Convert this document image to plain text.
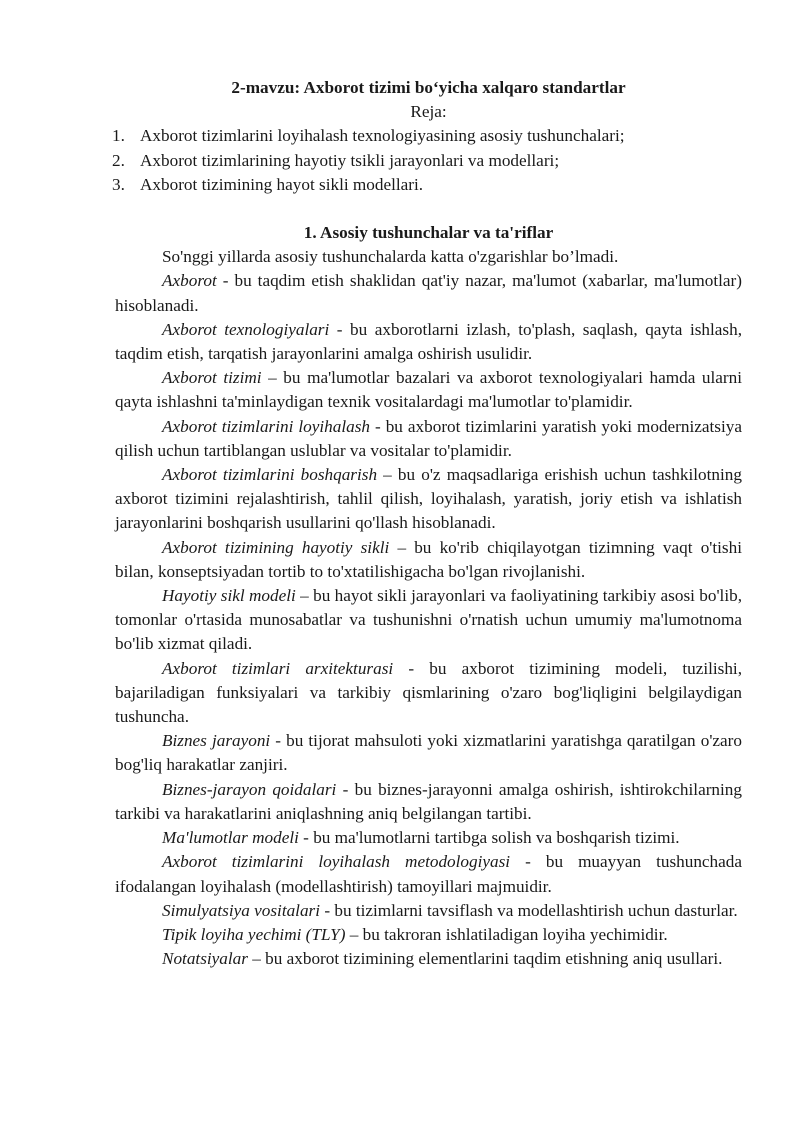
2-mavzu: Axborot tizimi bo‘yicha xalqaro standartlar

Reja:

1. Axborot tizimlarini loyihalash texnologiyasining asosiy tushunchalari;
2. Axborot tizimlarining hayotiy tsikli jarayonlari va modellari;
3. Axborot tizimining hayot sikli modellari.

1. Asosiy tushunchalar va ta'riflar

So'nggi yillarda asosiy tushunchalarda katta o'zgarishlar bo’lmadi.

Axborot - bu taqdim etish shaklidan qat'iy nazar, ma'lumot (xabarlar, ma'lumotlar) hisoblanadi.

Axborot texnologiyalari - bu axborotlarni izlash, to'plash, saqlash, qayta ishlash, taqdim etish, tarqatish jarayonlarini amalga oshirish usulidir.

Axborot tizimi – bu ma'lumotlar bazalari va axborot texnologiyalari hamda ularni qayta ishlashni ta'minlaydigan texnik vositalardagi ma'lumotlar to'plamidir.

Axborot tizimlarini loyihalash - bu axborot tizimlarini yaratish yoki modernizatsiya qilish uchun tartiblangan uslublar va vositalar to'plamidir.

Axborot tizimlarini boshqarish – bu o'z maqsadlariga erishish uchun tashkilotning axborot tizimini rejalashtirish, tahlil qilish, loyihalash, yaratish, joriy etish va ishlatish jarayonlarini boshqarish usullarini qo'llash hisoblanadi.

Axborot tizimining hayotiy sikli – bu ko'rib chiqilayotgan tizimning vaqt o'tishi bilan, konseptsiyadan tortib to to'xtatilishigacha bo'lgan rivojlanishi.

Hayotiy sikl modeli – bu hayot sikli jarayonlari va faoliyatining tarkibiy asosi bo'lib, tomonlar o'rtasida munosabatlar va tushunishni o'rnatish uchun umumiy ma'lumotnoma bo'lib xizmat qiladi.

Axborot tizimlari arxitekturasi - bu axborot tizimining modeli, tuzilishi, bajariladigan funksiyalari va tarkibiy qismlarining o'zaro bog'liqligini belgilaydigan tushuncha.

Biznes jarayoni - bu tijorat mahsuloti yoki xizmatlarini yaratishga qaratilgan o'zaro bog'liq harakatlar zanjiri.

Biznes-jarayon qoidalari - bu biznes-jarayonni amalga oshirish, ishtirokchilarning tarkibi va harakatlarini aniqlashning aniq belgilangan tartibi.

Ma'lumotlar modeli - bu ma'lumotlarni tartibga solish va boshqarish tizimi.

Axborot tizimlarini loyihalash metodologiyasi - bu muayyan tushunchada ifodalangan loyihalash (modellashtirish) tamoyillari majmuidir.

Simulyatsiya vositalari - bu tizimlarni tavsiflash va modellashtirish uchun dasturlar.

Tipik loyiha yechimi (TLY) – bu takroran ishlatiladigan loyiha yechimidir.

Notatsiyalar – bu axborot tizimining elementlarini taqdim etishning aniq usullari.
